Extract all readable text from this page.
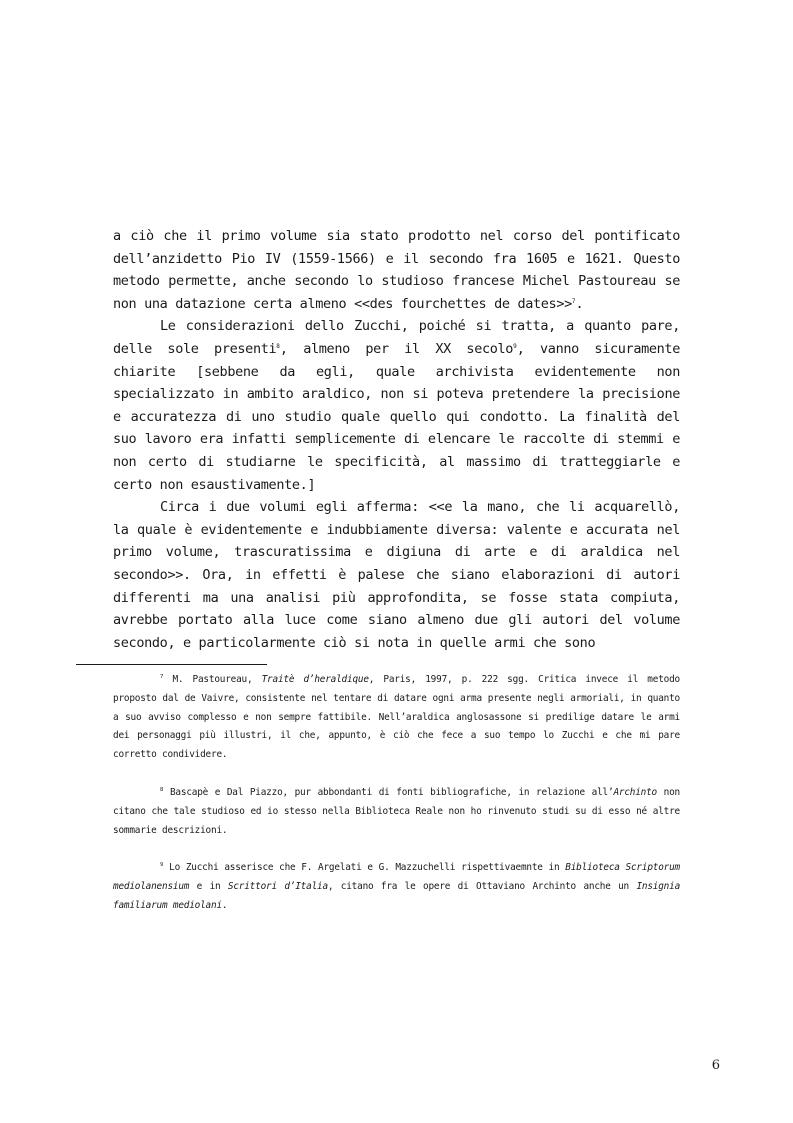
a ciò che il primo volume sia stato prodotto nel corso del pontificato dell’anzidetto Pio IV (1559-1566) e il secondo fra 1605 e 1621. Questo metodo permette, anche secondo lo studioso francese Michel Pastoureau se non una datazione certa almeno <<des fourchettes de dates>>$^7$.

Le considerazioni dello Zucchi, poiché si tratta, a quanto pare, delle sole presenti$^8$, almeno per il XX secolo$^9$, vanno sicuramente chiarite [sebbene da egli, quale archivista evidentemente non specializzato in ambito araldico, non si poteva pretendere la precisione e accuratezza di uno studio quale quello qui condotto. La finalità del suo lavoro era infatti semplicemente di elencare le raccolte di stemmi e non certo di studiarne le specificità, al massimo di tratteggiarle e certo non esaustivamente.]

Circa i due volumi egli afferma: <<e la mano, che li acquarellò, la quale è evidentemente e indubbiamente diversa: valente e accurata nel primo volume, trascuratissima e digiuna di arte e di araldica nel secondo>>. Ora, in effetti è palese che siano elaborazioni di autori differenti ma una analisi più approfondita, se fosse stata compiuta, avrebbe portato alla luce come siano almeno due gli autori del volume secondo, e particolarmente ciò si nota in quelle armi che sono

$^7$ M. Pastoureau, Traitè d’heraldique, Paris, 1997, p. 222 sgg. Critica invece il metodo proposto dal de Vaivre, consistente nel tentare di datare ogni arma presente negli armoriali, in quanto a suo avviso complesso e non sempre fattibile. Nell’araldica anglosassone si predilige datare le armi dei personaggi più illustri, il che, appunto, è ciò che fece a suo tempo lo Zucchi e che mi pare corretto condividere.

$^8$ Bascapè e Dal Piazzo, pur abbondanti di fonti bibliografiche, in relazione all’Archinto non citano che tale studioso ed io stesso nella Biblioteca Reale non ho rinvenuto studi su di esso né altre sommarie descrizioni.

$^9$ Lo Zucchi asserisce che F. Argelati e G. Mazzuchelli rispettivaemnte in Biblioteca Scriptorum mediolanensium e in Scrittori d’Italia, citano fra le opere di Ottaviano Archinto anche un Insignia familiarum mediolani.

6
